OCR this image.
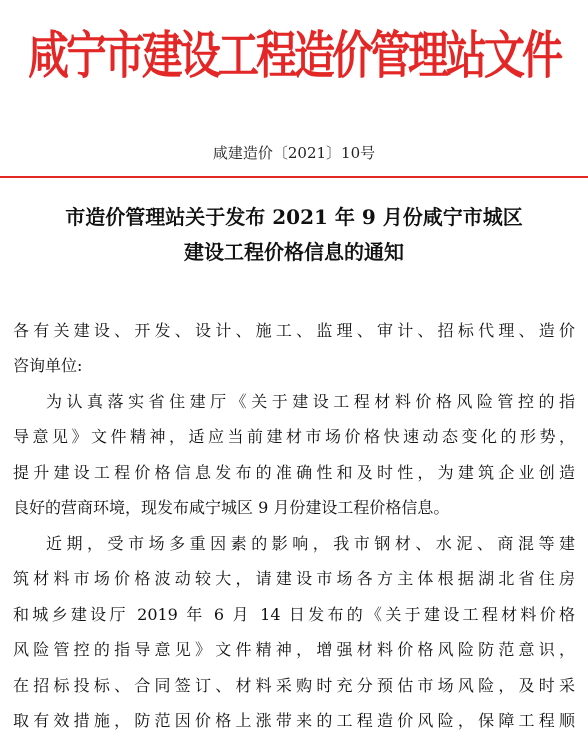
咸宁市建设工程造价管理站文件
咸建造价〔2021〕10号
市造价管理站关于发布 2021 年 9 月份咸宁市城区
建设工程价格信息的通知
各有关建设、开发、设计、施工、监理、审计、招标代理、造价
咨询单位:
为认真落实省住建厅《关于建设工程材料价格风险管控的指
导意见》文件精神，适应当前建材市场价格快速动态变化的形势，
提升建设工程价格信息发布的准确性和及时性，为建筑企业创造
良好的营商环境，现发布咸宁城区 9 月份建设工程价格信息。
近期，受市场多重因素的影响，我市钢材、水泥、商混等建
筑材料市场价格波动较大，请建设市场各方主体根据湖北省住房
和城乡建设厅 2019 年 6 月 14 日发布的《关于建设工程材料价格
风险管控的指导意见》文件精神，增强材料价格风险防范意识，
在招标投标、合同签订、材料采购时充分预估市场风险，及时采
取有效措施，防范因价格上涨带来的工程造价风险，保障工程顺
